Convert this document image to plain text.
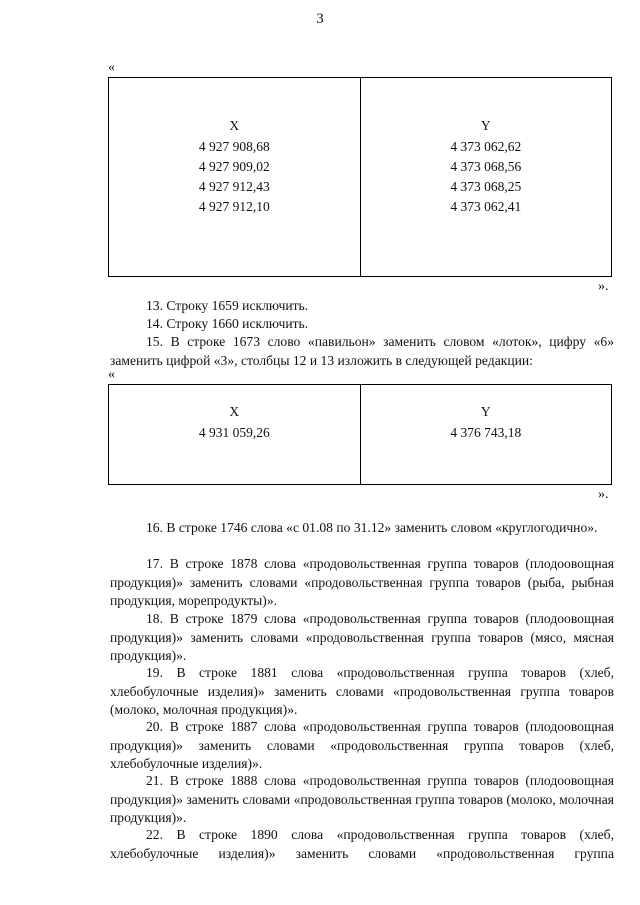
3
«
X
4 927 908,68
4 927 909,02
4 927 912,43
4 927 912,10
Y
4 373 062,62
4 373 068,56
4 373 068,25
4 373 062,41
».

13. Строку 1659 исключить.

14. Строку 1660 исключить.

15. В строке 1673 слово «павильон» заменить словом «лоток», цифру «6» заменить цифрой «3», столбцы 12 и 13 изложить в следующей редакции:

«
X
4 931 059,26
Y
4 376 743,18
».

16. В строке 1746 слова «с 01.08 по 31.12» заменить словом «круглогодично».

17. В строке 1878 слова «продовольственная группа товаров (плодоовощная продукция)» заменить словами «продовольственная группа товаров (рыба, рыбная продукция, морепродукты)».

18. В строке 1879 слова «продовольственная группа товаров (плодоовощная продукция)» заменить словами «продовольственная группа товаров (мясо, мясная продукция)».

19. В строке 1881 слова «продовольственная группа товаров (хлеб, хлебобулочные изделия)» заменить словами «продовольственная группа товаров (молоко, молочная продукция)».

20. В строке 1887 слова «продовольственная группа товаров (плодоовощная продукция)» заменить словами «продовольственная группа товаров (хлеб, хлебобулочные изделия)».

21. В строке 1888 слова «продовольственная группа товаров (плодоовощная продукция)» заменить словами «продовольственная группа товаров (молоко, молочная продукция)».

22. В строке 1890 слова «продовольственная группа товаров (хлеб, хлебобулочные изделия)» заменить словами «продовольственная группа
